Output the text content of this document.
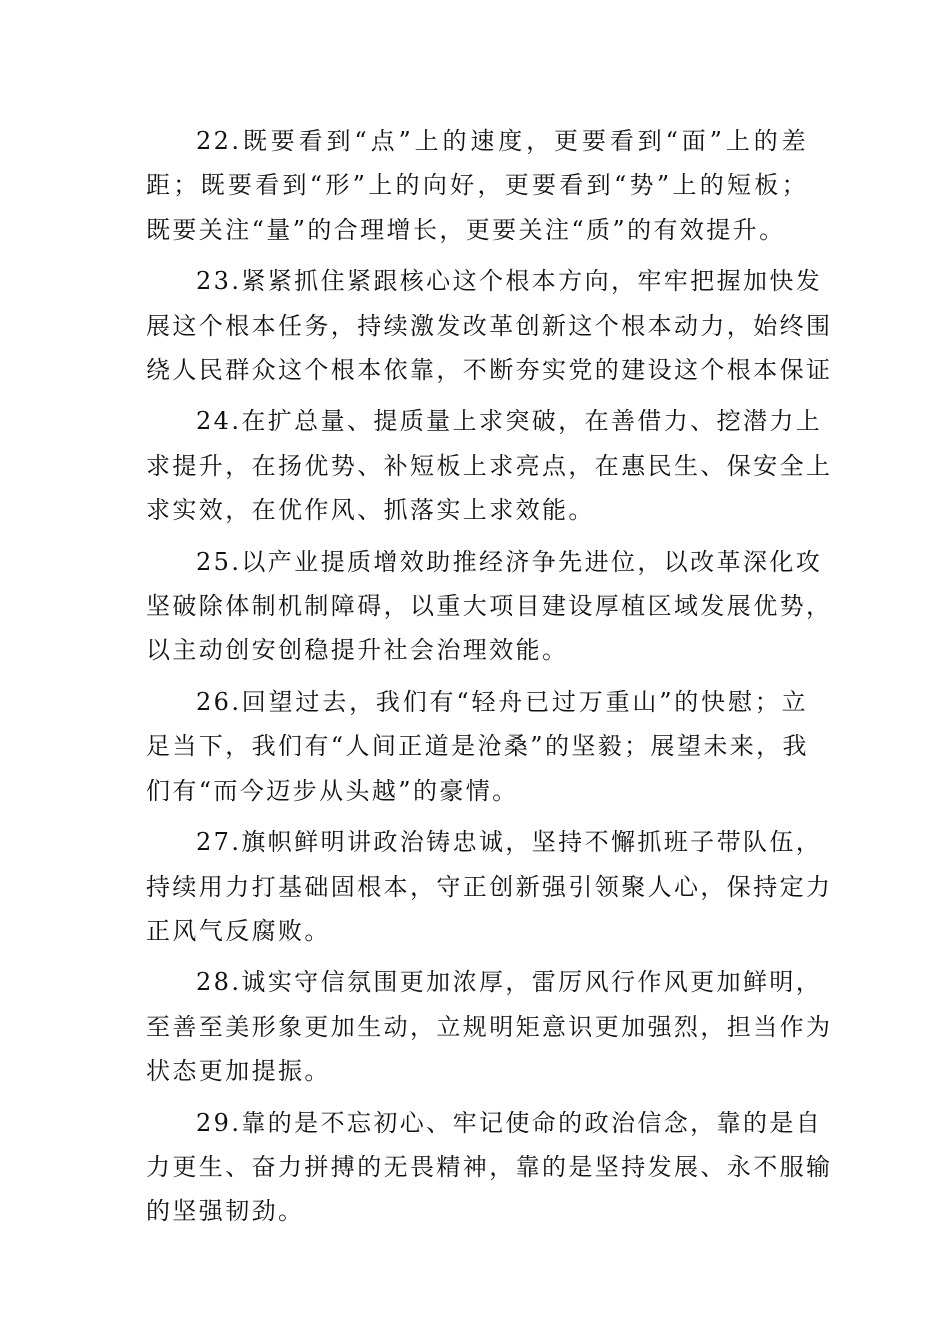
22.既要看到“点”上的速度，更要看到“面”上的差
距；既要看到“形”上的向好，更要看到“势”上的短板；
既要关注“量”的合理增长，更要关注“质”的有效提升。

23.紧紧抓住紧跟核心这个根本方向，牢牢把握加快发
展这个根本任务，持续激发改革创新这个根本动力，始终围
绕人民群众这个根本依靠，不断夯实党的建设这个根本保证

24.在扩总量、提质量上求突破，在善借力、挖潜力上
求提升，在扬优势、补短板上求亮点，在惠民生、保安全上
求实效，在优作风、抓落实上求效能。

25.以产业提质增效助推经济争先进位，以改革深化攻
坚破除体制机制障碍，以重大项目建设厚植区域发展优势，
以主动创安创稳提升社会治理效能。

26.回望过去，我们有“轻舟已过万重山”的快慰；立
足当下，我们有“人间正道是沧桑”的坚毅；展望未来，我
们有“而今迈步从头越”的豪情。

27.旗帜鲜明讲政治铸忠诚，坚持不懈抓班子带队伍，
持续用力打基础固根本，守正创新强引领聚人心，保持定力
正风气反腐败。

28.诚实守信氛围更加浓厚，雷厉风行作风更加鲜明，
至善至美形象更加生动，立规明矩意识更加强烈，担当作为
状态更加提振。

29.靠的是不忘初心、牢记使命的政治信念，靠的是自
力更生、奋力拼搏的无畏精神，靠的是坚持发展、永不服输
的坚强韧劲。
